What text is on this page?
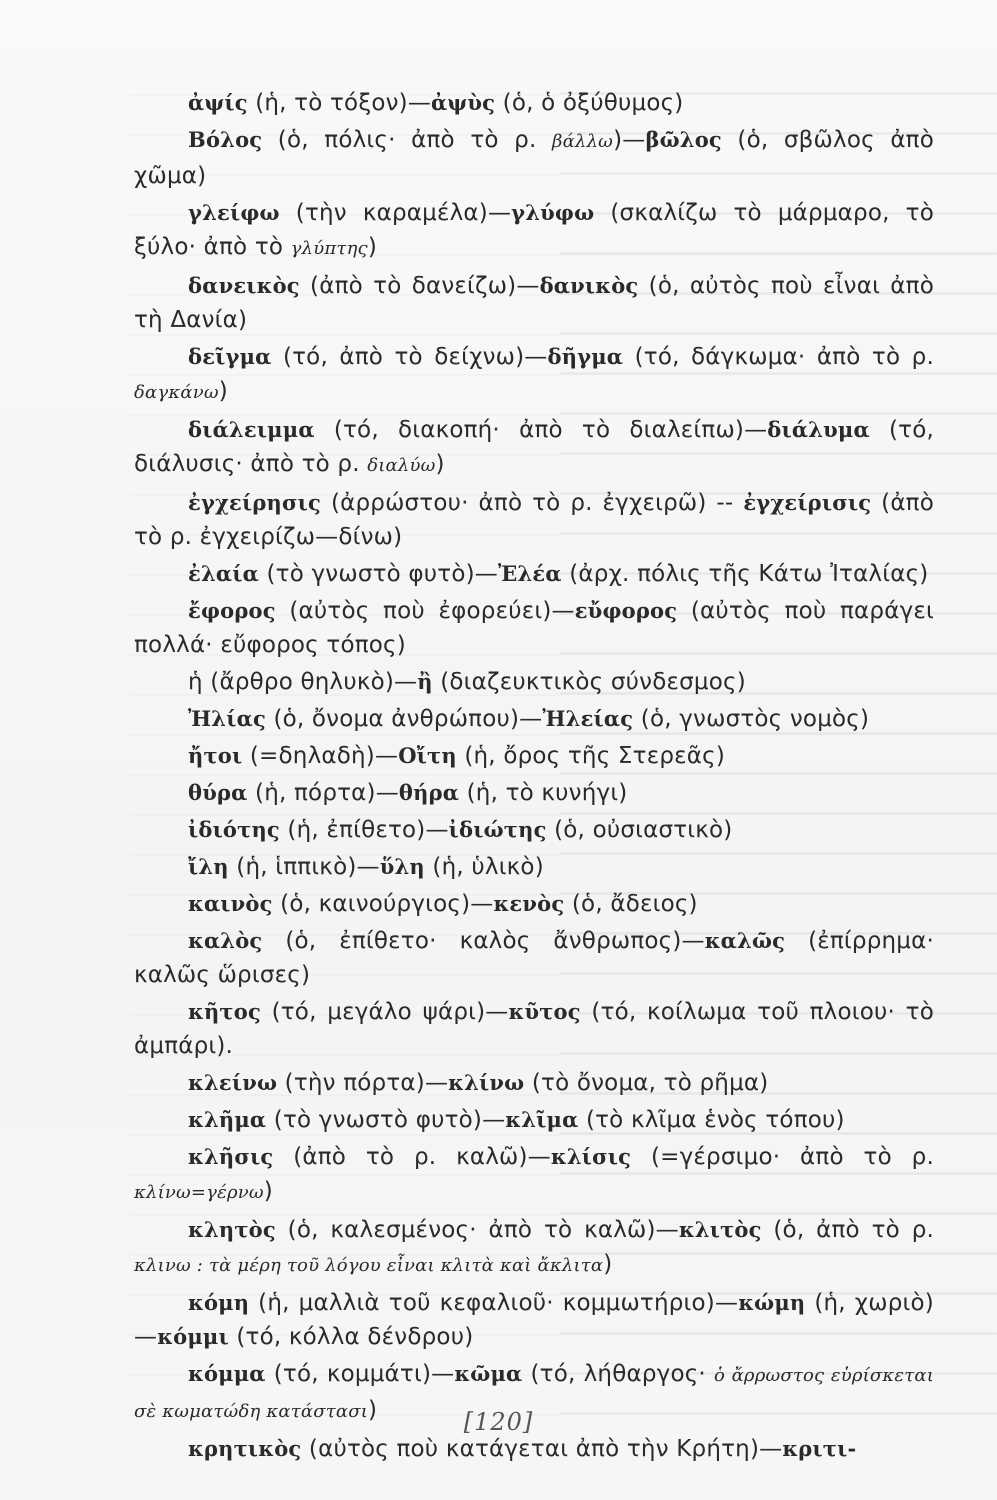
ἀψίς (ἡ, τὸ τόξον)—ἀψὺς (ὁ, ὁ ὀξύθυμος)

Βόλος (ὁ, πόλις· ἀπὸ τὸ ρ. βάλλω)—βῶλος (ὁ, σβῶλος ἀπὸ χῶμα)

γλείφω (τὴν καραμέλα)—γλύφω (σκαλίζω τὸ μάρμαρο, τὸ ξύλο· ἀπὸ τὸ γλύπτης)

δανεικὸς (ἀπὸ τὸ δανείζω)—δανικὸς (ὁ, αὐτὸς ποὺ εἶναι ἀπὸ τὴ Δανία)

δεῖγμα (τό, ἀπὸ τὸ δείχνω)—δῆγμα (τό, δάγκωμα· ἀπὸ τὸ ρ. δαγκάνω)

διάλειμμα (τό, διακοπή· ἀπὸ τὸ διαλείπω)—διάλυμα (τό, διάλυσις· ἀπὸ τὸ ρ. διαλύω)

ἐγχείρησις (ἀρρώστου· ἀπὸ τὸ ρ. ἐγχειρῶ) -- ἐγχείρισις (ἀπὸ τὸ ρ. ἐγχειρίζω—δίνω)

ἐλαία (τὸ γνωστὸ φυτὸ)—Ἐλέα (ἀρχ. πόλις τῆς Κάτω Ἰταλίας)

ἔφορος (αὐτὸς ποὺ ἐφορεύει)—εὔφορος (αὐτὸς ποὺ παράγει πολλά· εὔφορος τόπος)

ἡ (ἄρθρο θηλυκὸ)—ἢ (διαζευκτικὸς σύνδεσμος)

Ἠλίας (ὁ, ὄνομα ἀνθρώπου)—Ἠλείας (ὁ, γνωστὸς νομὸς)

ἤτοι (=δηλαδὴ)—Οἴτη (ἡ, ὄρος τῆς Στερεᾶς)

θύρα (ἡ, πόρτα)—θήρα (ἡ, τὸ κυνήγι)

ἰδιότης (ἡ, ἐπίθετο)—ἰδιώτης (ὁ, οὐσιαστικὸ)

ἴλη (ἡ, ἱππικὸ)—ὕλη (ἡ, ὑλικὸ)

καινὸς (ὁ, καινούργιος)—κενὸς (ὁ, ἄδειος)

καλὸς (ὁ, ἐπίθετο· καλὸς ἄνθρωπος)—καλῶς (ἐπίρρημα· καλῶς ὥρισες)

κῆτος (τό, μεγάλο ψάρι)—κῦτος (τό, κοίλωμα τοῦ πλοιου· τὸ ἀμπάρι).

κλείνω (τὴν πόρτα)—κλίνω (τὸ ὄνομα, τὸ ρῆμα)

κλῆμα (τὸ γνωστὸ φυτὸ)—κλῖμα (τὸ κλῖμα ἑνὸς τόπου)

κλῆσις (ἀπὸ τὸ ρ. καλῶ)—κλίσις (=γέρσιμο· ἀπὸ τὸ ρ. κλίνω=γέρνω)

κλητὸς (ὁ, καλεσμένος· ἀπὸ τὸ καλῶ)—κλιτὸς (ὁ, ἀπὸ τὸ ρ. κλινω : τὰ μέρη τοῦ λόγου εἶναι κλιτὰ καὶ ἄκλιτα)

κόμη (ἡ, μαλλιὰ τοῦ κεφαλιοῦ· κομμωτήριο)—κώμη (ἡ, χωριὸ)—κόμμι (τό, κόλλα δένδρου)

κόμμα (τό, κομμάτι)—κῶμα (τό, λήθαργος· ὁ ἄρρωστος εὑρίσκεται σὲ κωματώδη κατάστασι)

κρητικὸς (αὐτὸς ποὺ κατάγεται ἀπὸ τὴν Κρήτη)—κριτι-

[120]
